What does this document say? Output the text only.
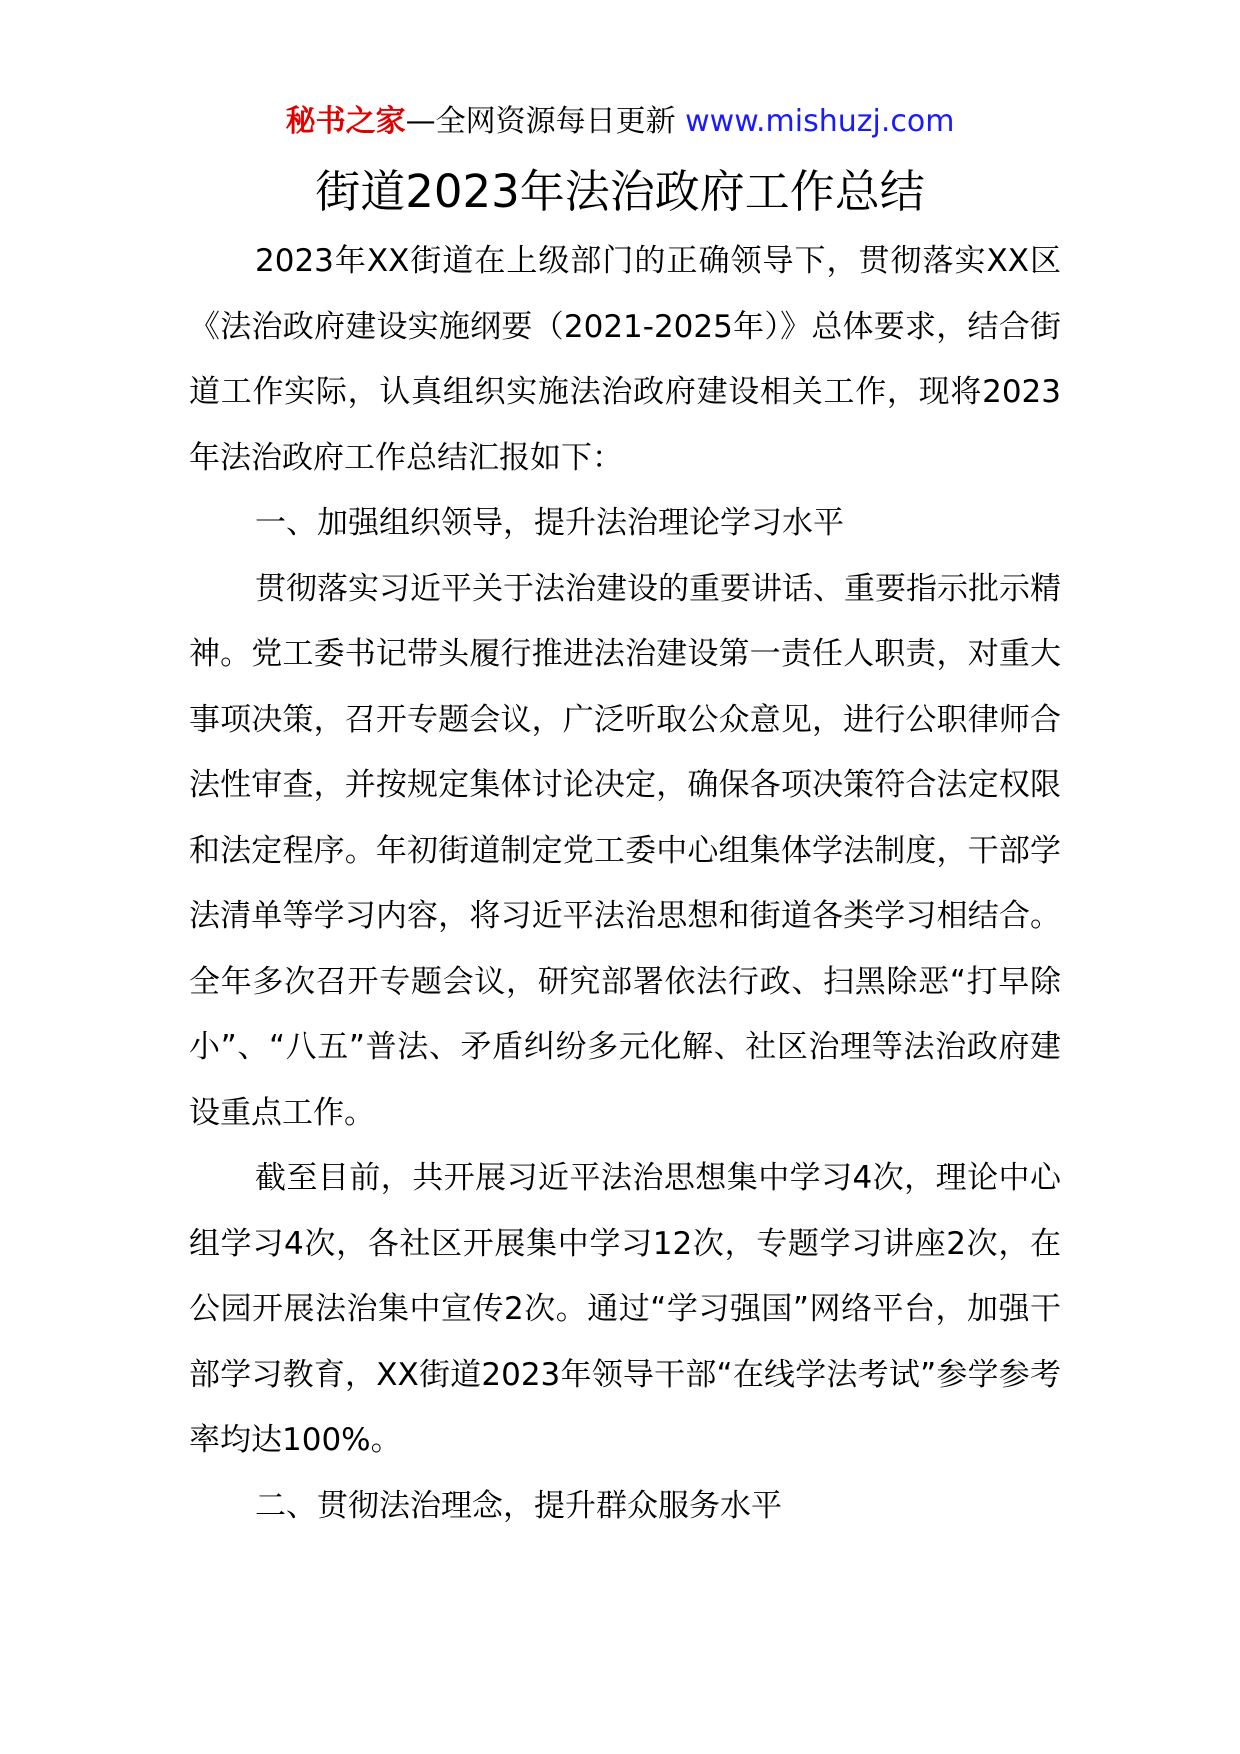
秘书之家—全网资源每日更新 www.mishuzj.com
街道2023年法治政府工作总结

2023年XX街道在上级部门的正确领导下，贯彻落实XX区《法治政府建设实施纲要（2021-2025年）》总体要求，结合街道工作实际，认真组织实施法治政府建设相关工作，现将2023年法治政府工作总结汇报如下：

一、加强组织领导，提升法治理论学习水平

贯彻落实习近平关于法治建设的重要讲话、重要指示批示精神。党工委书记带头履行推进法治建设第一责任人职责，对重大事项决策，召开专题会议，广泛听取公众意见，进行公职律师合法性审查，并按规定集体讨论决定，确保各项决策符合法定权限和法定程序。年初街道制定党工委中心组集体学法制度，干部学法清单等学习内容，将习近平法治思想和街道各类学习相结合。全年多次召开专题会议，研究部署依法行政、扫黑除恶“打早除小”、“八五”普法、矛盾纠纷多元化解、社区治理等法治政府建设重点工作。

截至目前，共开展习近平法治思想集中学习4次，理论中心组学习4次，各社区开展集中学习12次，专题学习讲座2次，在公园开展法治集中宣传2次。通过“学习强国”网络平台，加强干部学习教育，XX街道2023年领导干部“在线学法考试”参学参考率均达100%。

二、贯彻法治理念，提升群众服务水平
